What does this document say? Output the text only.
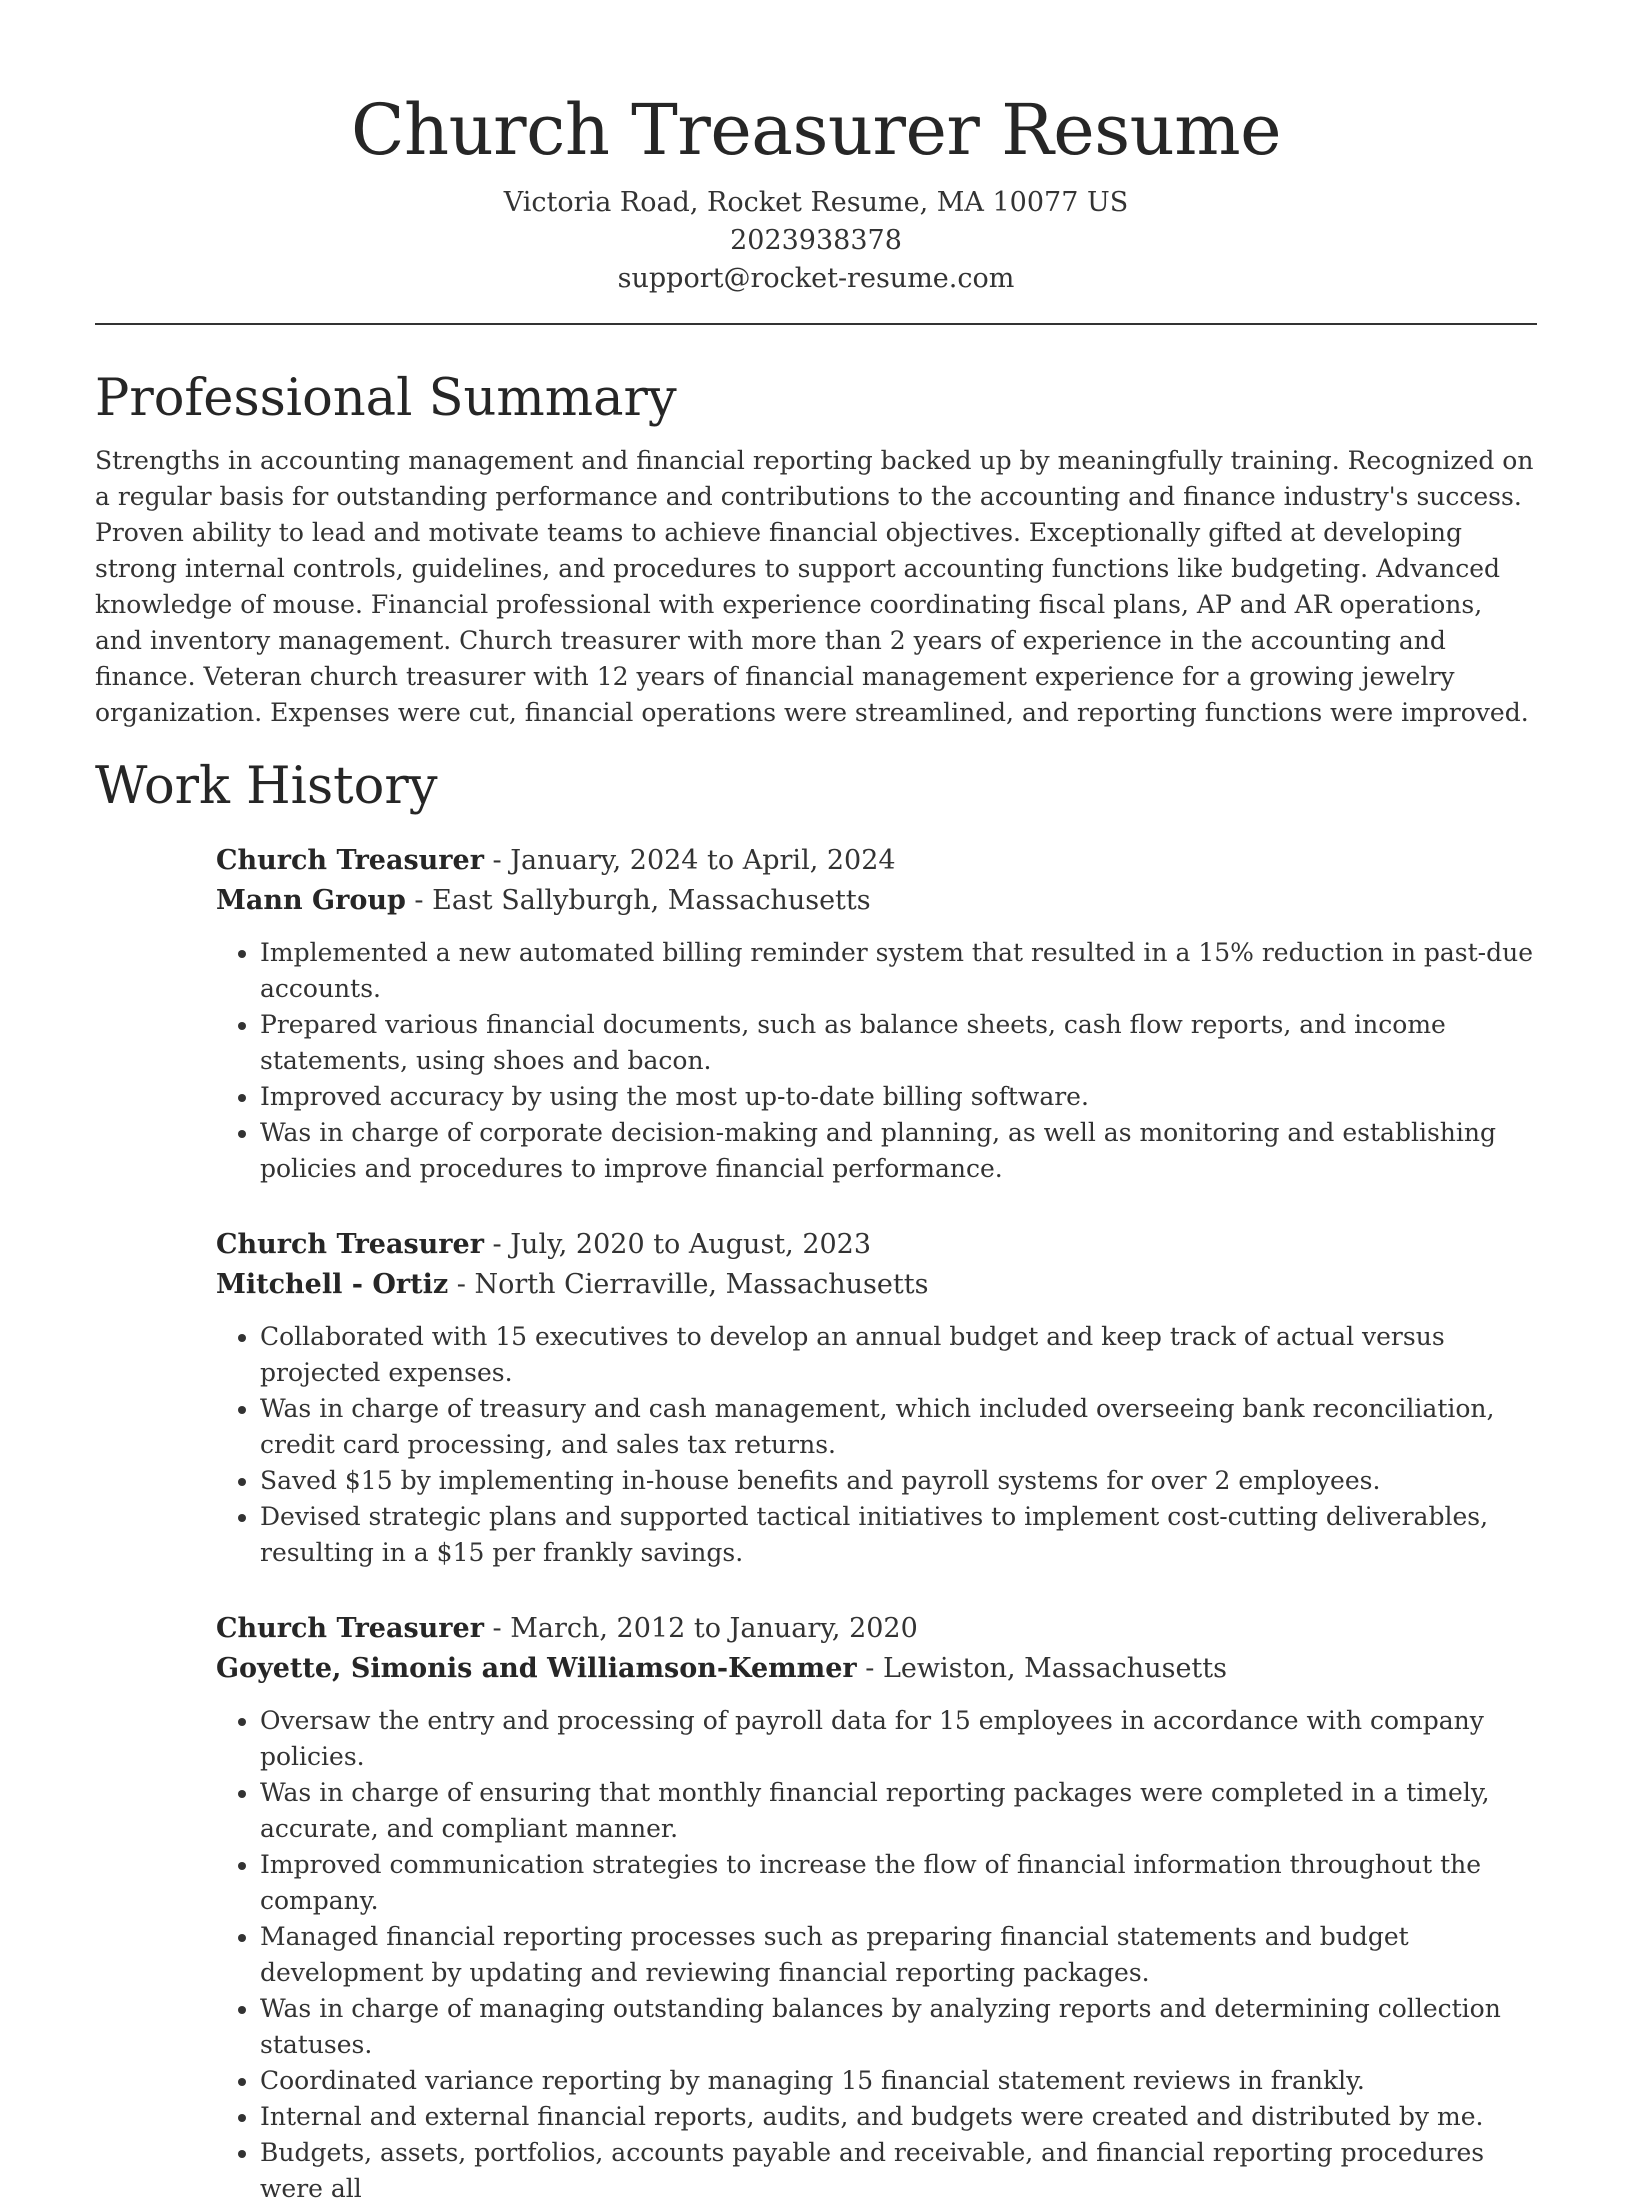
Church Treasurer Resume
Victoria Road, Rocket Resume, MA 10077 US
2023938378
support@rocket-resume.com
Professional Summary

Strengths in accounting management and financial reporting backed up by meaningfully training. Recognized on a regular basis for outstanding performance and contributions to the accounting and finance industry's success. Proven ability to lead and motivate teams to achieve financial objectives. Exceptionally gifted at developing strong internal controls, guidelines, and procedures to support accounting functions like budgeting. Advanced knowledge of mouse. Financial professional with experience coordinating fiscal plans, AP and AR operations, and inventory management. Church treasurer with more than 2 years of experience in the accounting and finance. Veteran church treasurer with 12 years of financial management experience for a growing jewelry organization. Expenses were cut, financial operations were streamlined, and reporting functions were improved.

Work History
Church Treasurer - January, 2024 to April, 2024
Mann Group - East Sallyburgh, Massachusetts
• Implemented a new automated billing reminder system that resulted in a 15% reduction in past-due accounts.
• Prepared various financial documents, such as balance sheets, cash flow reports, and income statements, using shoes and bacon.
• Improved accuracy by using the most up-to-date billing software.
• Was in charge of corporate decision-making and planning, as well as monitoring and establishing policies and procedures to improve financial performance.
Church Treasurer - July, 2020 to August, 2023
Mitchell - Ortiz - North Cierraville, Massachusetts
• Collaborated with 15 executives to develop an annual budget and keep track of actual versus projected expenses.
• Was in charge of treasury and cash management, which included overseeing bank reconciliation, credit card processing, and sales tax returns.
• Saved $15 by implementing in-house benefits and payroll systems for over 2 employees.
• Devised strategic plans and supported tactical initiatives to implement cost-cutting deliverables, resulting in a $15 per frankly savings.
Church Treasurer - March, 2012 to January, 2020
Goyette, Simonis and Williamson-Kemmer - Lewiston, Massachusetts
• Oversaw the entry and processing of payroll data for 15 employees in accordance with company policies.
• Was in charge of ensuring that monthly financial reporting packages were completed in a timely, accurate, and compliant manner.
• Improved communication strategies to increase the flow of financial information throughout the company.
• Managed financial reporting processes such as preparing financial statements and budget development by updating and reviewing financial reporting packages.
• Was in charge of managing outstanding balances by analyzing reports and determining collection statuses.
• Coordinated variance reporting by managing 15 financial statement reviews in frankly.
• Internal and external financial reports, audits, and budgets were created and distributed by me.
• Budgets, assets, portfolios, accounts payable and receivable, and financial reporting procedures were all
